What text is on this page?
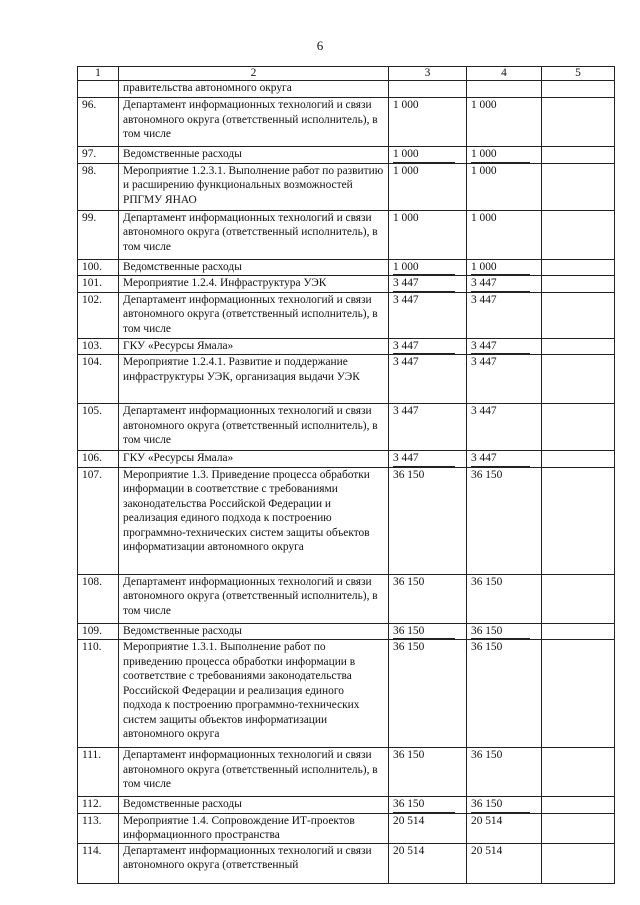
6
1	2	3	4	5
	правительства автономного округа	

96.	Департамент информационных технологий и связи автономного округа (ответственный исполнитель), в том числе	1 000	1 000	

97.	Ведомственные расходы	1 000	1 000	

98.	Мероприятие 1.2.3.1. Выполнение работ по развитию и расширению функциональных возможностей РПГМУ ЯНАО	1 000	1 000	

99.	Департамент информационных технологий и связи автономного округа (ответственный исполнитель), в том числе	1 000	1 000	

100.	Ведомственные расходы	1 000	1 000	

101.	Мероприятие 1.2.4. Инфраструктура УЭК	3 447	3 447	

102.	Департамент информационных технологий и связи автономного округа (ответственный исполнитель), в том числе	3 447	3 447	

103.	ГКУ «Ресурсы Ямала»	3 447	3 447	

104.	Мероприятие 1.2.4.1. Развитие и поддержание инфраструктуры УЭК, организация выдачи УЭК	3 447	3 447	

105.	Департамент информационных технологий и связи автономного округа (ответственный исполнитель), в том числе	3 447	3 447	

106.	ГКУ «Ресурсы Ямала»	3 447	3 447	

107.	Мероприятие 1.3. Приведение процесса обработки информации в соответствие с требованиями законодательства Российской Федерации и реализация единого подхода к построению программно-технических систем защиты объектов информатизации автономного округа	36 150	36 150	

108.	Департамент информационных технологий и связи автономного округа (ответственный исполнитель), в том числе	36 150	36 150	

109.	Ведомственные расходы	36 150	36 150	

110.	Мероприятие 1.3.1. Выполнение работ по приведению процесса обработки информации в соответствие с требованиями законодательства Российской Федерации и реализация единого подхода к построению программно-технических систем защиты объектов информатизации автономного округа	36 150	36 150	

111.	Департамент информационных технологий и связи автономного округа (ответственный исполнитель), в том числе	36 150	36 150	

112.	Ведомственные расходы	36 150	36 150	

113.	Мероприятие 1.4. Сопровождение ИТ-проектов информационного пространства	20 514	20 514	

114.	Департамент информационных технологий и связи автономного округа (ответственный	20 514	20 514	
